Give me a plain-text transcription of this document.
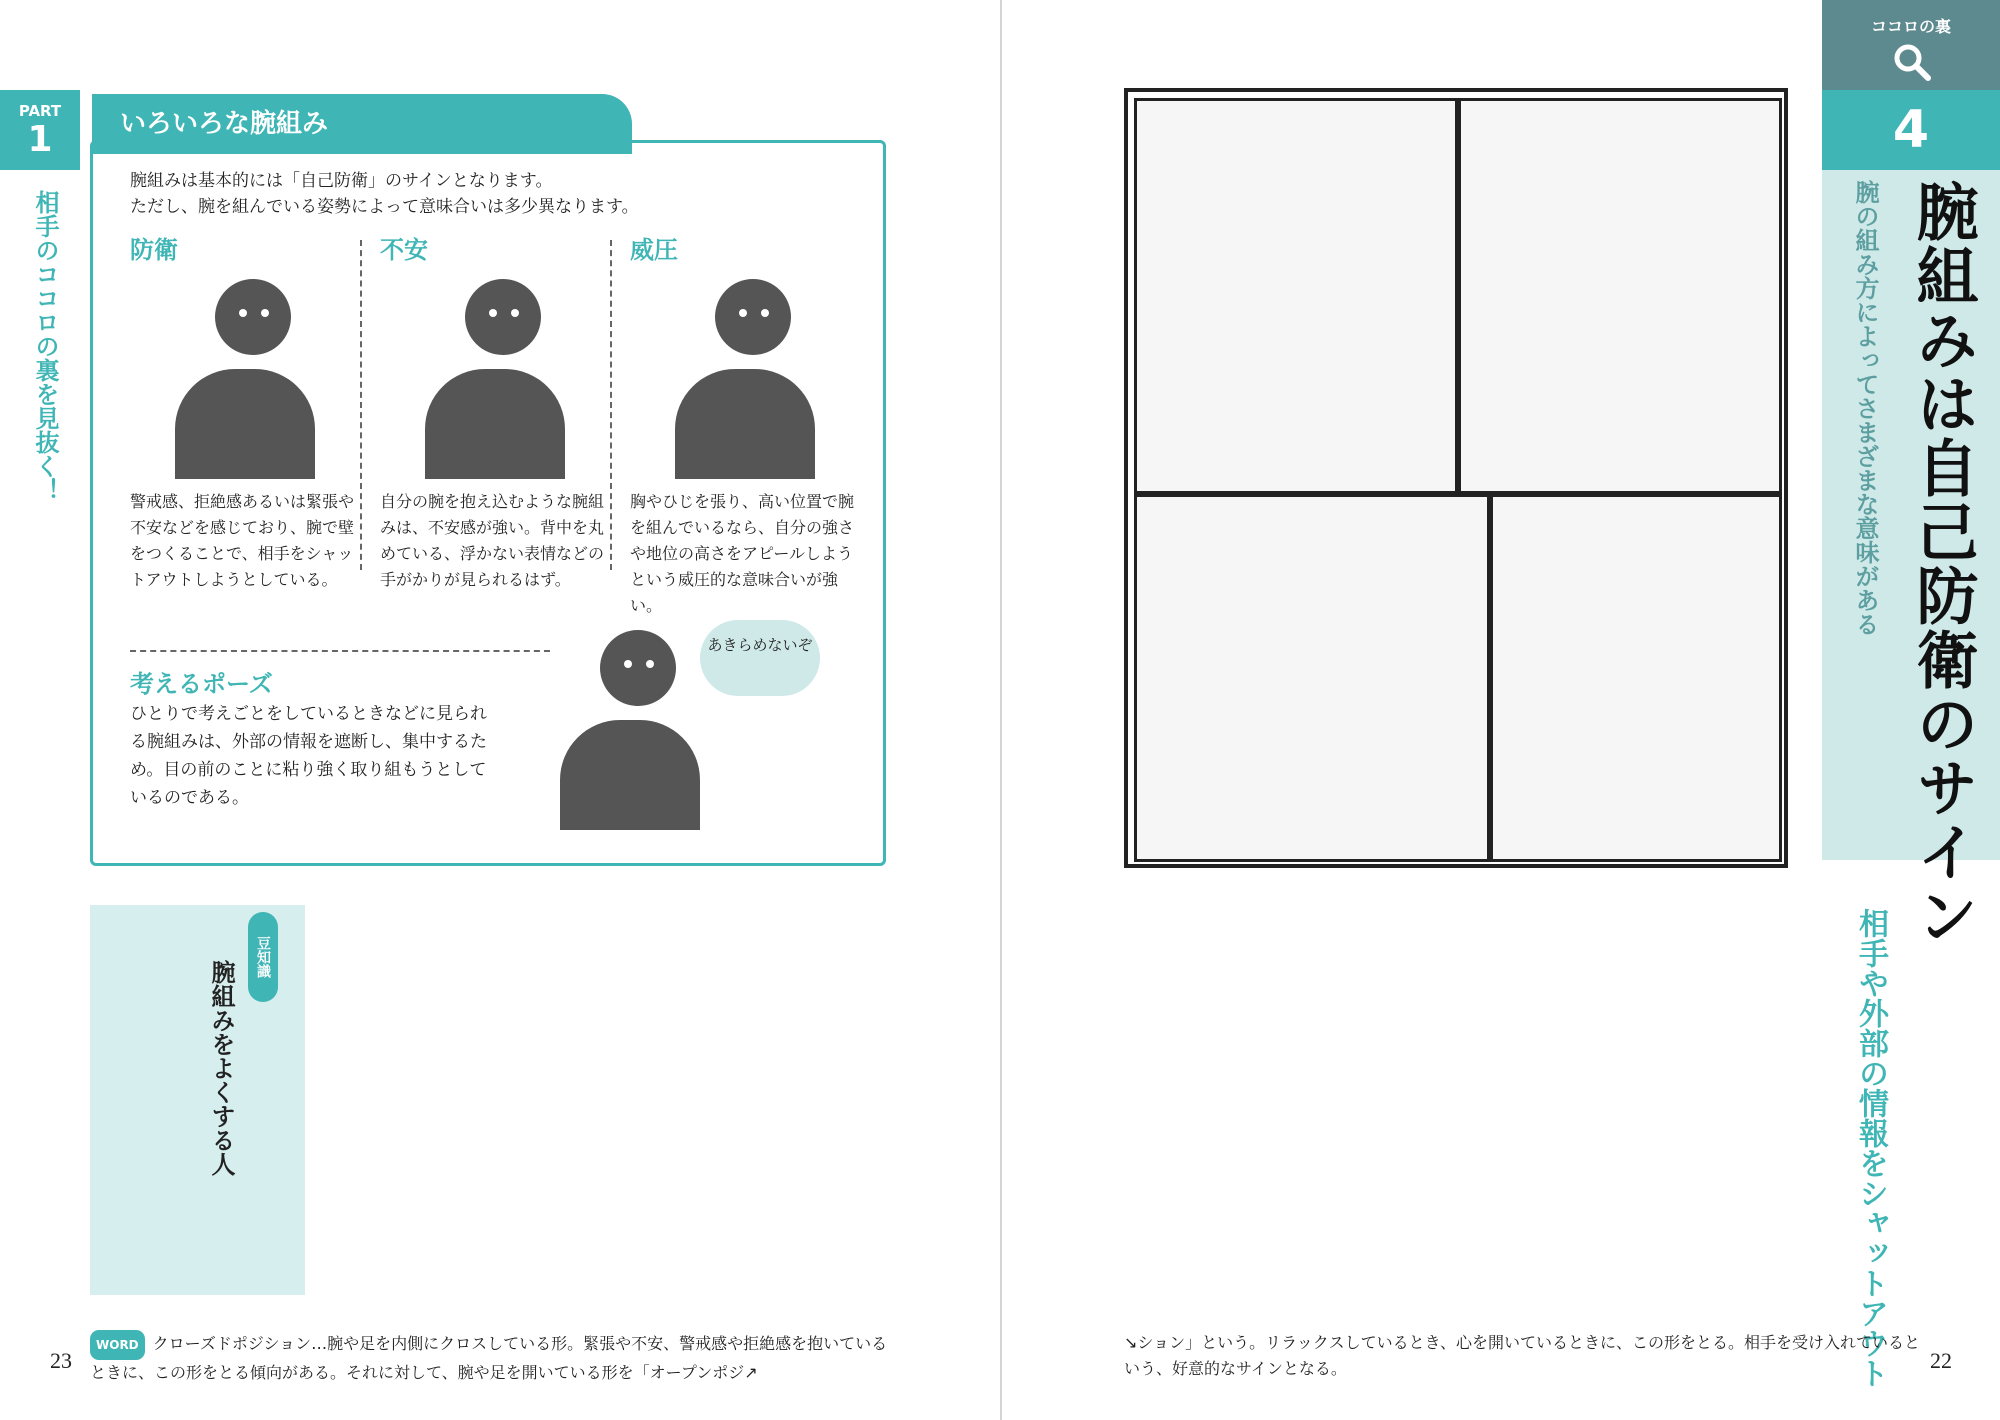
PART
1
相手のココロの裏を見抜く！
いろいろな腕組み
腕組みは基本的には「自己防衛」のサインとなります。
ただし、腕を組んでいる姿勢によって意味合いは多少異なります。
防衛

警戒感、拒絶感あるいは緊張や不安などを感じており、腕で壁をつくることで、相手をシャットアウトしようとしている。

不安

自分の腕を抱え込むような腕組みは、不安感が強い。背中を丸めている、浮かない表情などの手がかりが見られるはず。

威圧

胸やひじを張り、高い位置で腕を組んでいるなら、自分の強さや地位の高さをアピールしようという威圧的な意味合いが強い。

考えるポーズ
ひとりで考えごとをしているときなどに見られる腕組みは、外部の情報を遮断し、集中するため。目の前のことに粘り強く取り組もうとしているのである。
あきらめないぞ
豆知識
腕組みをよくする人
WORD クローズドポジション…腕や足を内側にクロスしている形。緊張や不安、警戒感や拒絶感を抱いているときに、この形をとる傾向がある。それに対して、腕や足を開いている形を「オープンポジ↗
23
ココロの裏
4
腕組みは自己防衛のサイン
腕の組み方によってさまざまな意味がある
相手や外部の情報をシャットアウト
↘ション」という。リラックスしているとき、心を開いているときに、この形をとる。相手を受け入れているという、好意的なサインとなる。	22
